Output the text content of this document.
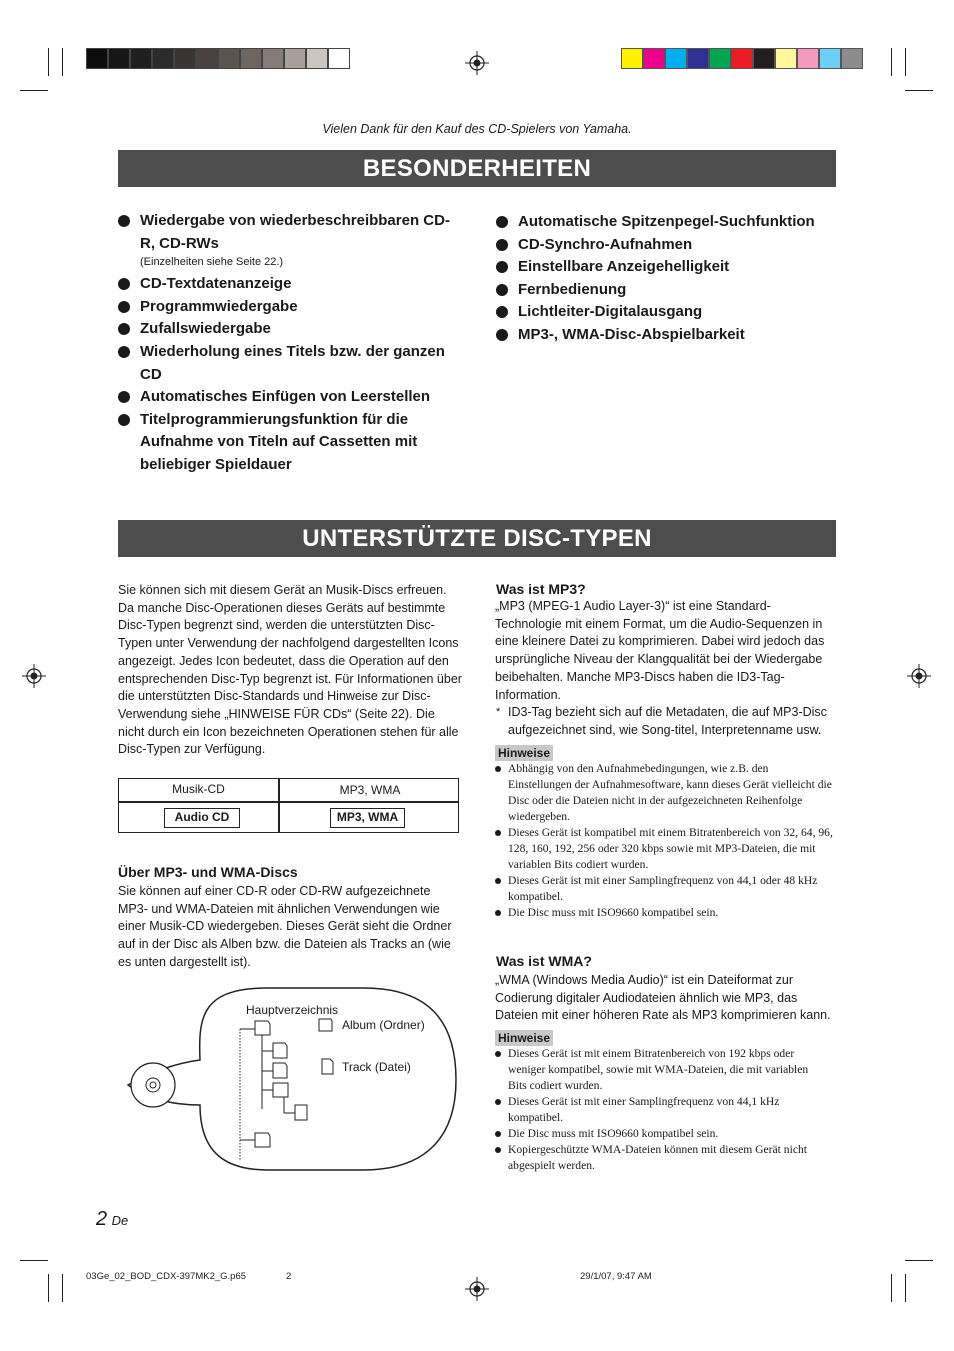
Vielen Dank für den Kauf des CD-Spielers von Yamaha.
BESONDERHEITEN
Wiedergabe von wiederbeschreibbaren CD-R, CD-RWs
(Einzelheiten siehe Seite 22.)
CD-Textdatenanzeige
Programmwiedergabe
Zufallswiedergabe
Wiederholung eines Titels bzw. der ganzen CD
Automatisches Einfügen von Leerstellen
Titelprogrammierungsfunktion für die Aufnahme von Titeln auf Cassetten mit beliebiger Spieldauer
Automatische Spitzenpegel-Suchfunktion
CD-Synchro-Aufnahmen
Einstellbare Anzeigehelligkeit
Fernbedienung
Lichtleiter-Digitalausgang
MP3-, WMA-Disc-Abspielbarkeit
UNTERSTÜTZTE DISC-TYPEN
Sie können sich mit diesem Gerät an Musik-Discs erfreuen. Da manche Disc-Operationen dieses Geräts auf bestimmte Disc-Typen begrenzt sind, werden die unterstützten Disc-Typen unter Verwendung der nachfolgend dargestellten Icons angezeigt. Jedes Icon bedeutet, dass die Operation auf den entsprechenden Disc-Typ begrenzt ist. Für Informationen über die unterstützten Disc-Standards und Hinweise zur Disc-Verwendung siehe „HINWEISE FÜR CDs“ (Seite 22). Die nicht durch ein Icon bezeichneten Operationen stehen für alle Disc-Typen zur Verfügung.
Musik-CD	MP3, WMA
Audio CD	MP3, WMA
Über MP3- und WMA-Discs
Sie können auf einer CD-R oder CD-RW aufgezeichnete MP3- und WMA-Dateien mit ähnlichen Verwendungen wie einer Musik-CD wiedergeben. Dieses Gerät sieht die Ordner auf in der Disc als Alben bzw. die Dateien als Tracks an (wie es unten dargestellt ist).
Hauptverzeichnis
Album (Ordner)
Track (Datei)
Was ist MP3?
„MP3 (MPEG-1 Audio Layer-3)“ ist eine Standard-Technologie mit einem Format, um die Audio-Sequenzen in eine kleinere Datei zu komprimieren. Dabei wird jedoch das ursprüngliche Niveau der Klangqualität bei der Wiedergabe beibehalten. Manche MP3-Discs haben die ID3-Tag-Information.
* ID3-Tag bezieht sich auf die Metadaten, die auf MP3-Disc aufgezeichnet sind, wie Song-titel, Interpretenname usw.
Hinweise
Abhängig von den Aufnahmebedingungen, wie z.B. den Einstellungen der Aufnahmesoftware, kann dieses Gerät vielleicht die Disc oder die Dateien nicht in der aufgezeichneten Reihenfolge wiedergeben.
Dieses Gerät ist kompatibel mit einem Bitratenbereich von 32, 64, 96, 128, 160, 192, 256 oder 320 kbps sowie mit MP3-Dateien, die mit variablen Bits codiert wurden.
Dieses Gerät ist mit einer Samplingfrequenz von 44,1 oder 48 kHz kompatibel.
Die Disc muss mit ISO9660 kompatibel sein.
Was ist WMA?
„WMA (Windows Media Audio)“ ist ein Dateiformat zur Codierung digitaler Audiodateien ähnlich wie MP3, das Dateien mit einer höheren Rate als MP3 komprimieren kann.
Hinweise
Dieses Gerät ist mit einem Bitratenbereich von 192 kbps oder weniger kompatibel, sowie mit WMA-Dateien, die mit variablen Bits codiert wurden.
Dieses Gerät ist mit einer Samplingfrequenz von 44,1 kHz kompatibel.
Die Disc muss mit ISO9660 kompatibel sein.
Kopiergeschützte WMA-Dateien können mit diesem Gerät nicht abgespielt werden.
2 De
03Ge_02_BOD_CDX-397MK2_G.p65	2	29/1/07, 9:47 AM
